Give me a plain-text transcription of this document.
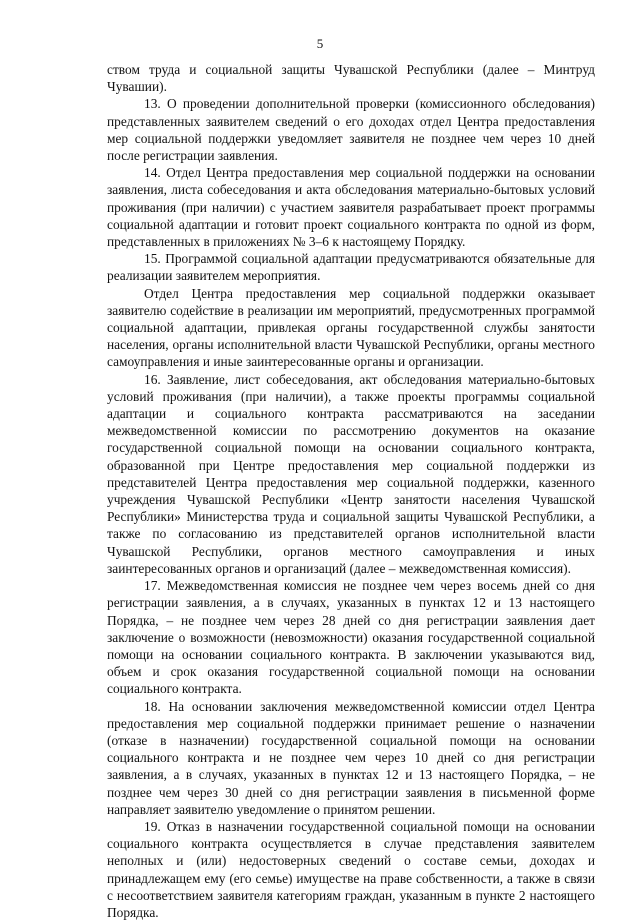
5

ством труда и социальной защиты Чувашской Республики (далее – Минтруд Чувашии).

13. О проведении дополнительной проверки (комиссионного обследования) представленных заявителем сведений о его доходах отдел Центра предоставления мер социальной поддержки уведомляет заявителя не позднее чем через 10 дней после регистрации заявления.

14. Отдел Центра предоставления мер социальной поддержки на основании заявления, листа собеседования и акта обследования материально-бытовых условий проживания (при наличии) с участием заявителя разрабатывает проект программы социальной адаптации и готовит проект социального контракта по одной из форм, представленных в приложениях № 3–6 к настоящему Порядку.

15. Программой социальной адаптации предусматриваются обязательные для реализации заявителем мероприятия.

Отдел Центра предоставления мер социальной поддержки оказывает заявителю содействие в реализации им мероприятий, предусмотренных программой социальной адаптации, привлекая органы государственной службы занятости населения, органы исполнительной власти Чувашской Республики, органы местного самоуправления и иные заинтересованные органы и организации.

16. Заявление, лист собеседования, акт обследования материально-бытовых условий проживания (при наличии), а также проекты программы социальной адаптации и социального контракта рассматриваются на заседании межведомственной комиссии по рассмотрению документов на оказание государственной социальной помощи на основании социального контракта, образованной при Центре предоставления мер социальной поддержки из представителей Центра предоставления мер социальной поддержки, казенного учреждения Чувашской Республики «Центр занятости населения Чувашской Республики» Министерства труда и социальной защиты Чувашской Республики, а также по согласованию из представителей органов исполнительной власти Чувашской Республики, органов местного самоуправления и иных заинтересованных органов и организаций (далее – межведомственная комиссия).

17. Межведомственная комиссия не позднее чем через восемь дней со дня регистрации заявления, а в случаях, указанных в пунктах 12 и 13 настоящего Порядка, – не позднее чем через 28 дней со дня регистрации заявления дает заключение о возможности (невозможности) оказания государственной социальной помощи на основании социального контракта. В заключении указываются вид, объем и срок оказания государственной социальной помощи на основании социального контракта.

18. На основании заключения межведомственной комиссии отдел Центра предоставления мер социальной поддержки принимает решение о назначении (отказе в назначении) государственной социальной помощи на основании социального контракта и не позднее чем через 10 дней со дня регистрации заявления, а в случаях, указанных в пунктах 12 и 13 настоящего Порядка, – не позднее чем через 30 дней со дня регистрации заявления в письменной форме направляет заявителю уведомление о принятом решении.

19. Отказ в назначении государственной социальной помощи на основании социального контракта осуществляется в случае представления заявителем неполных и (или) недостоверных сведений о составе семьи, доходах и принадлежащем ему (его семье) имуществе на праве собственности, а также в связи с несоответствием заявителя категориям граждан, указанным в пункте 2 настоящего Порядка.
